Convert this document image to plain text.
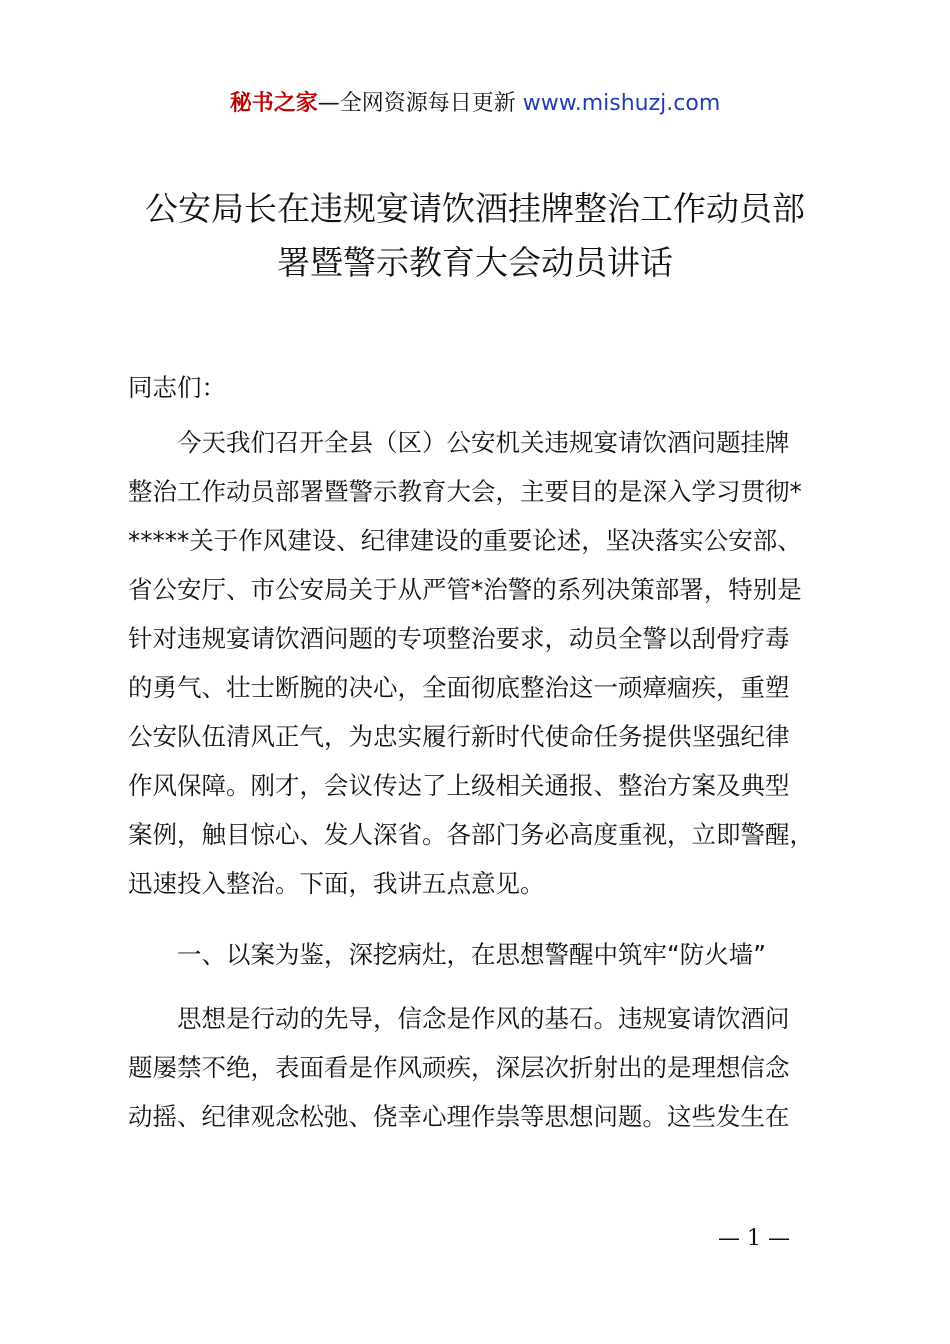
秘书之家—全网资源每日更新 www.mishuzj.com
公安局长在违规宴请饮酒挂牌整治工作动员部
署暨警示教育大会动员讲话
同志们：
　　今天我们召开全县（区）公安机关违规宴请饮酒问题挂牌
整治工作动员部署暨警示教育大会，主要目的是深入学习贯彻*
*****关于作风建设、纪律建设的重要论述，坚决落实公安部、
省公安厅、市公安局关于从严管*治警的系列决策部署，特别是
针对违规宴请饮酒问题的专项整治要求，动员全警以刮骨疗毒
的勇气、壮士断腕的决心，全面彻底整治这一顽瘴痼疾，重塑
公安队伍清风正气，为忠实履行新时代使命任务提供坚强纪律
作风保障。刚才，会议传达了上级相关通报、整治方案及典型
案例，触目惊心、发人深省。各部门务必高度重视，立即警醒，
迅速投入整治。下面，我讲五点意见。
　　一、以案为鉴，深挖病灶，在思想警醒中筑牢“防火墙”
　　思想是行动的先导，信念是作风的基石。违规宴请饮酒问
题屡禁不绝，表面看是作风顽疾，深层次折射出的是理想信念
动摇、纪律观念松弛、侥幸心理作祟等思想问题。这些发生在
— 1 —
